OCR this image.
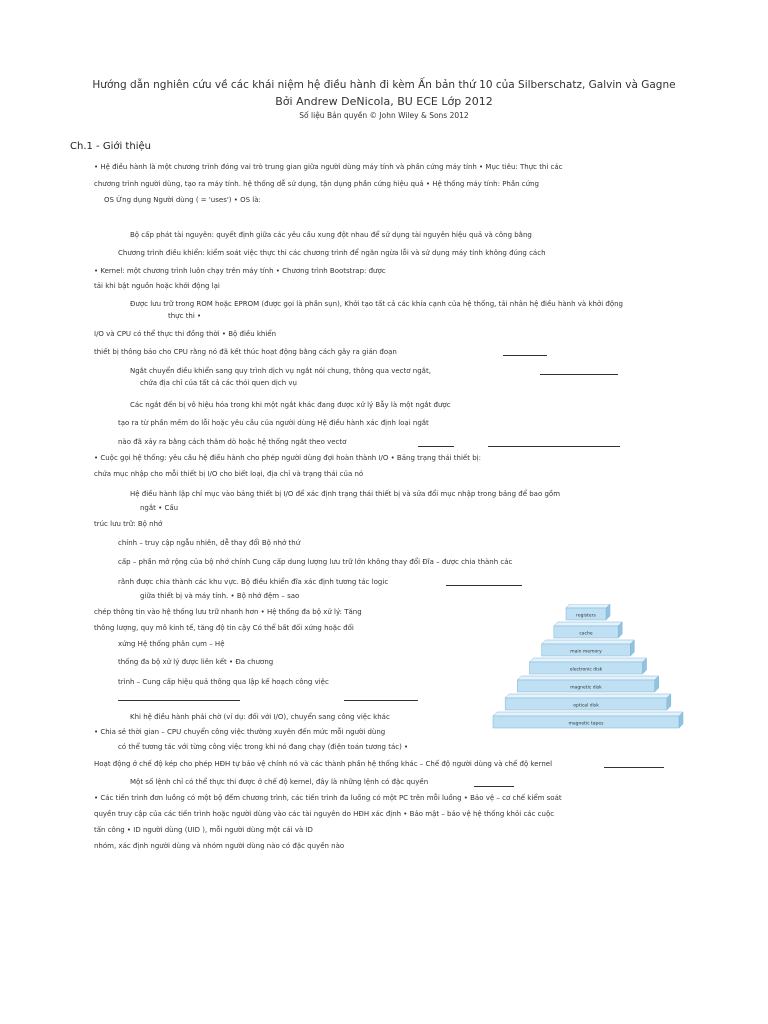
Hướng dẫn nghiên cứu về các khái niệm hệ điều hành đi kèm Ấn bản thứ 10 của Silberschatz, Galvin và Gagne
Bởi Andrew DeNicola, BU ECE Lớp 2012
Số liệu Bản quyền © John Wiley & Sons 2012
Ch.1 - Giới thiệu
• Hệ điều hành là một chương trình đóng vai trò trung gian giữa người dùng máy tính và phần cứng máy tính • Mục tiêu: Thực thi các
chương trình người dùng, tạo ra máy tính. hệ thống dễ sử dụng, tận dụng phần cứng hiệu quả • Hệ thống máy tính: Phần cứng
OS Ứng dụng Người dùng ( = 'uses') • OS là:
Bộ cấp phát tài nguyên: quyết định giữa các yêu cầu xung đột nhau để sử dụng tài nguyên hiệu quả và công bằng
Chương trình điều khiển: kiểm soát việc thực thi các chương trình để ngăn ngừa lỗi và sử dụng máy tính không đúng cách
• Kernel: một chương trình luôn chạy trên máy tính • Chương trình Bootstrap: được
tải khi bật nguồn hoặc khởi động lại
Được lưu trữ trong ROM hoặc EPROM (được gọi là phần sụn), Khởi tạo tất cả các khía cạnh của hệ thống, tải nhân hệ điều hành và khởi động
thực thi •
I/O và CPU có thể thực thi đồng thời • Bộ điều khiển
thiết bị thông báo cho CPU rằng nó đã kết thúc hoạt động bằng cách gây ra gián đoạn
Ngắt chuyển điều khiển sang quy trình dịch vụ ngắt nói chung, thông qua vectơ ngắt,
chứa địa chỉ của tất cả các thói quen dịch vụ
Các ngắt đến bị vô hiệu hóa trong khi một ngắt khác đang được xử lý Bẫy là một ngắt được
tạo ra từ phần mềm do lỗi hoặc yêu cầu của người dùng Hệ điều hành xác định loại ngắt
nào đã xảy ra bằng cách thăm dò hoặc hệ thống ngắt theo vectơ
• Cuộc gọi hệ thống: yêu cầu hệ điều hành cho phép người dùng đợi hoàn thành I/O • Bảng trạng thái thiết bị:
chứa mục nhập cho mỗi thiết bị I/O cho biết loại, địa chỉ và trạng thái của nó
Hệ điều hành lập chỉ mục vào bảng thiết bị I/O để xác định trạng thái thiết bị và sửa đổi mục nhập trong bảng để bao gồm
ngắt • Cấu
trúc lưu trữ: Bộ nhớ
chính – truy cập ngẫu nhiên, dễ thay đổi Bộ nhớ thứ
cấp – phần mở rộng của bộ nhớ chính Cung cấp dung lượng lưu trữ lớn không thay đổi Đĩa – được chia thành các
rãnh được chia thành các khu vực. Bộ điều khiển đĩa xác định tương tác logic
giữa thiết bị và máy tính. • Bộ nhớ đệm – sao
chép thông tin vào hệ thống lưu trữ nhanh hơn • Hệ thống đa bộ xử lý: Tăng
thông lượng, quy mô kinh tế, tăng độ tin cậy Có thể bất đối xứng hoặc đối
xứng Hệ thống phân cụm – Hệ
thống đa bộ xử lý được liên kết • Đa chương
trình – Cung cấp hiệu quả thông qua lập kế hoạch công việc
Khi hệ điều hành phải chờ (ví dụ: đối với I/O), chuyển sang công việc khác
• Chia sẻ thời gian – CPU chuyển công việc thường xuyên đến mức mỗi người dùng
có thể tương tác với từng công việc trong khi nó đang chạy (điện toán tương tác) •
Hoạt động ở chế độ kép cho phép HĐH tự bảo vệ chính nó và các thành phần hệ thống khác – Chế độ người dùng và chế độ kernel
Một số lệnh chỉ có thể thực thi được ở chế độ kernel, đây là những lệnh có đặc quyền
• Các tiến trình đơn luồng có một bộ đếm chương trình, các tiến trình đa luồng có một PC trên mỗi luồng • Bảo vệ – cơ chế kiểm soát
quyền truy cập của các tiến trình hoặc người dùng vào các tài nguyên do HĐH xác định • Bảo mật – bảo vệ hệ thống khỏi các cuộc
tấn công • ID người dùng (UID ), mỗi người dùng một cái và ID
nhóm, xác định người dùng và nhóm người dùng nào có đặc quyền nào
registers
cache
main memory
electronic disk
magnetic disk
optical disk
magnetic tapes
